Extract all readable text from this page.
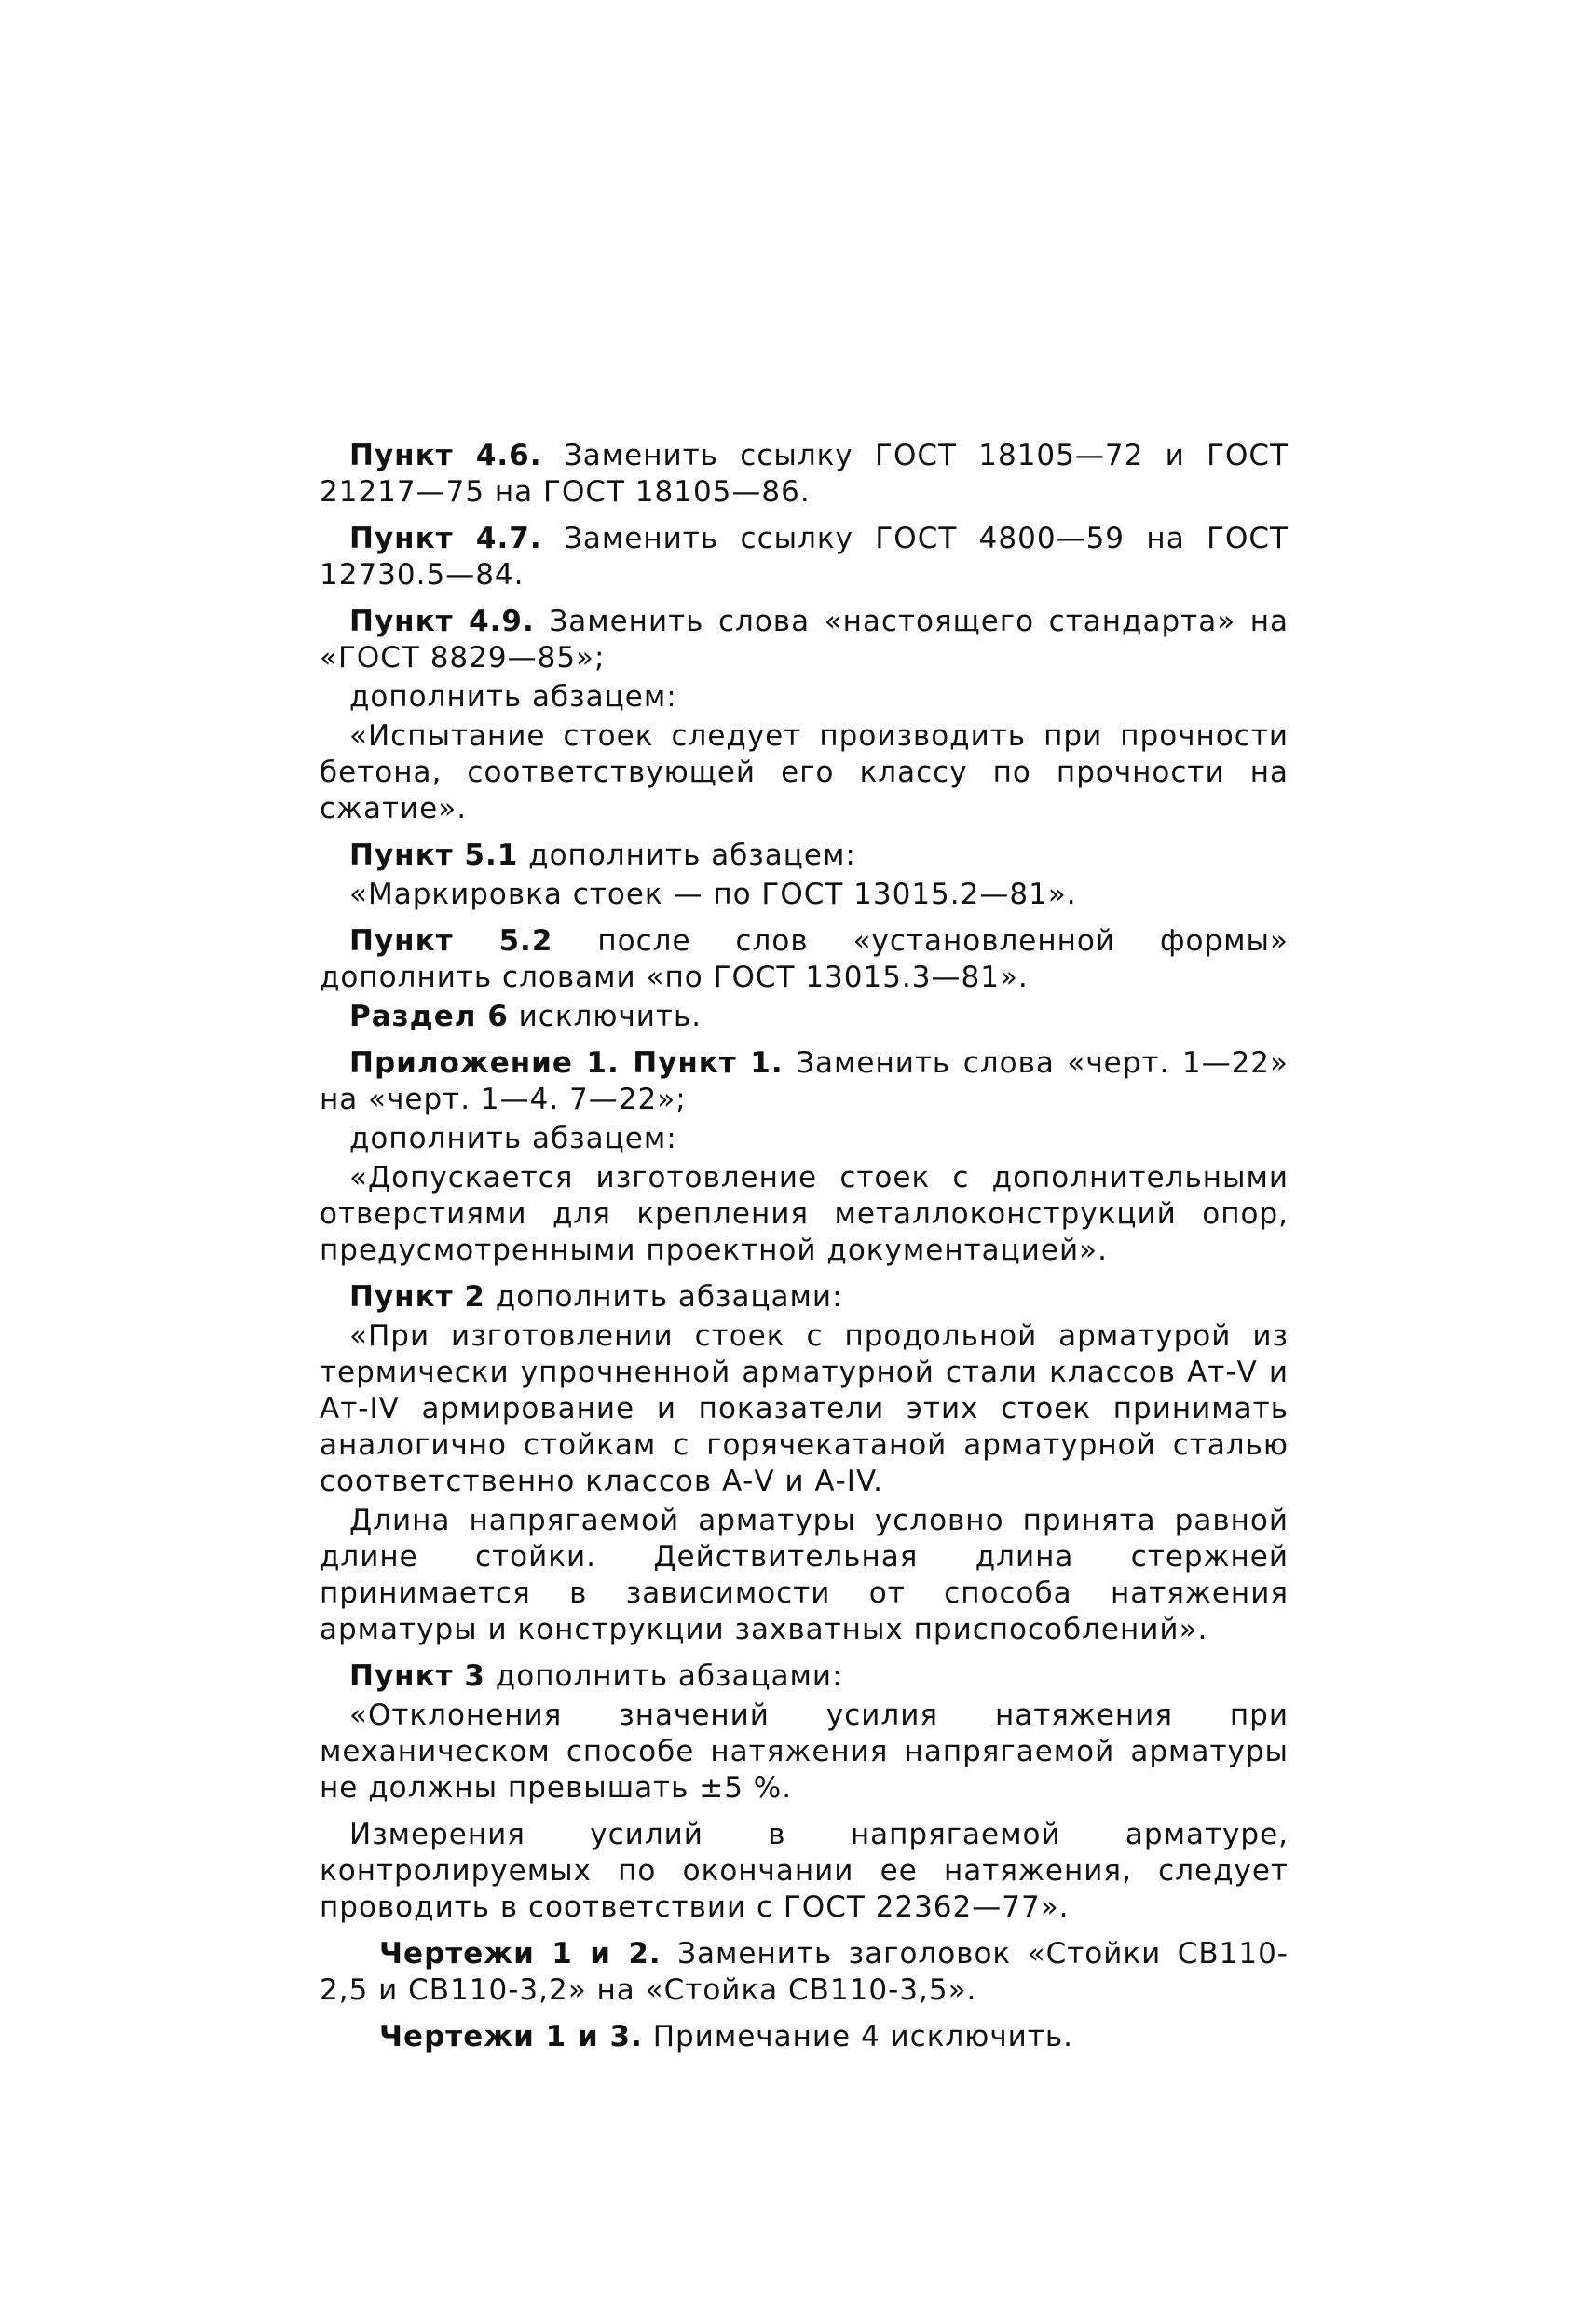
Пункт 4.6. Заменить ссылку ГОСТ 18105—72 и ГОСТ 21217—75 на ГОСТ 18105—86.

Пункт 4.7. Заменить ссылку ГОСТ 4800—59 на ГОСТ 12730.5—84.

Пункт 4.9. Заменить слова «настоящего стандарта» на «ГОСТ 8829—85»;

дополнить абзацем:

«Испытание стоек следует производить при прочности бетона, соответствующей его классу по прочности на сжатие».

Пункт 5.1 дополнить абзацем:

«Маркировка стоек — по ГОСТ 13015.2—81».

Пункт 5.2 после слов «установленной формы» дополнить словами «по ГОСТ 13015.3—81».

Раздел 6 исключить.

Приложение 1. Пункт 1. Заменить слова «черт. 1—22» на «черт. 1—4. 7—22»;

дополнить абзацем:

«Допускается изготовление стоек с дополнительными отверстиями для крепления металлоконструкций опор, предусмотренными проектной документацией».

Пункт 2 дополнить абзацами:

«При изготовлении стоек с продольной арматурой из термически упрочненной арматурной стали классов Ат-V и Ат-IV армирование и показатели этих стоек принимать аналогично стойкам с горячекатаной арматурной сталью соответственно классов А-V и А-IV.

Длина напрягаемой арматуры условно принята равной длине стойки. Действительная длина стержней принимается в зависимости от способа натяжения арматуры и конструкции захватных приспособлений».

Пункт 3 дополнить абзацами:

«Отклонения значений усилия натяжения при механическом способе натяжения напрягаемой арматуры не должны превышать ±5 %.

Измерения усилий в напрягаемой арматуре, контролируемых по окончании ее натяжения, следует проводить в соответствии с ГОСТ 22362—77».

Чертежи 1 и 2. Заменить заголовок «Стойки СВ110-2,5 и СВ110-3,2» на «Стойка СВ110-3,5».

Чертежи 1 и 3. Примечание 4 исключить.
